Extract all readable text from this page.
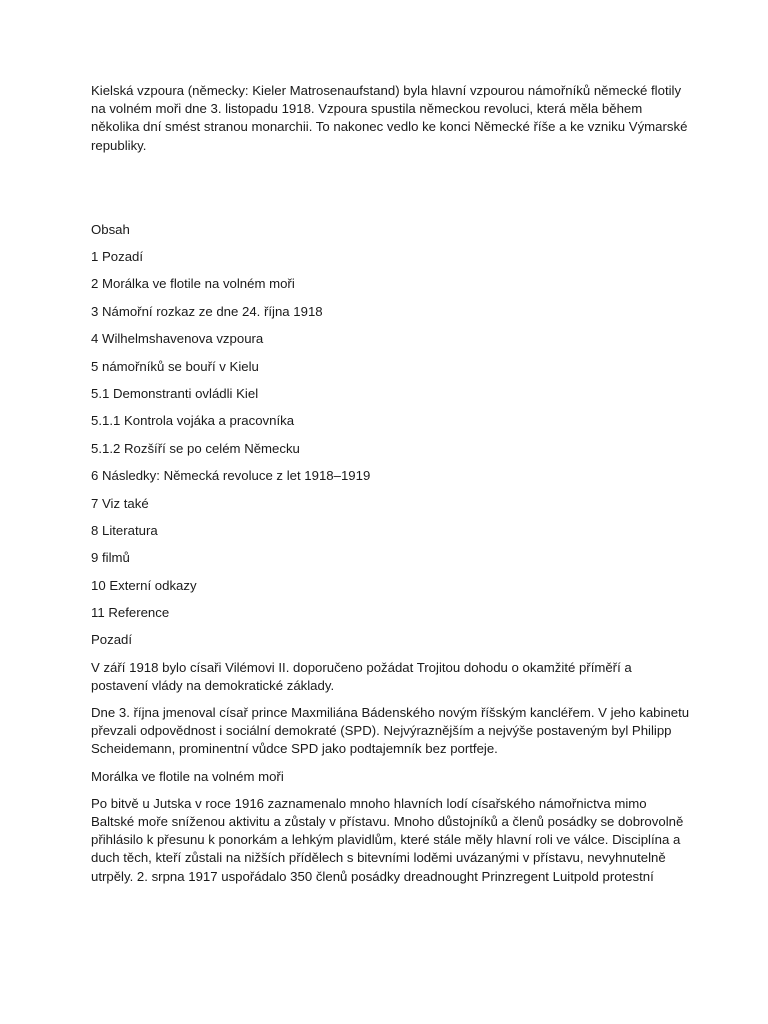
Kielská vzpoura (německy: Kieler Matrosenaufstand) byla hlavní vzpourou námořníků německé flotily na volném moři dne 3. listopadu 1918. Vzpoura spustila německou revoluci, která měla během několika dní smést stranou monarchii. To nakonec vedlo ke konci Německé říše a ke vzniku Výmarské republiky.

Obsah

1 Pozadí
2 Morálka ve flotile na volném moři
3 Námořní rozkaz ze dne 24. října 1918
4 Wilhelmshavenova vzpoura
5 námořníků se bouří v Kielu
5.1 Demonstranti ovládli Kiel
5.1.1 Kontrola vojáka a pracovníka
5.1.2 Rozšíří se po celém Německu
6 Následky: Německá revoluce z let 1918–1919
7 Viz také
8 Literatura
9 filmů
10 Externí odkazy
11 Reference

Pozadí

V září 1918 bylo císaři Vilémovi II. doporučeno požádat Trojitou dohodu o okamžité příměří a postavení vlády na demokratické základy.

Dne 3. října jmenoval císař prince Maxmiliána Bádenského novým říšským kancléřem. V jeho kabinetu převzali odpovědnost i sociální demokraté (SPD). Nejvýraznějším a nejvýše postaveným byl Philipp Scheidemann, prominentní vůdce SPD jako podtajemník bez portfeje.

Morálka ve flotile na volném moři

Po bitvě u Jutska v roce 1916 zaznamenalo mnoho hlavních lodí císařského námořnictva mimo Baltské moře sníženou aktivitu a zůstaly v přístavu. Mnoho důstojníků a členů posádky se dobrovolně přihlásilo k přesunu k ponorkám a lehkým plavidlům, které stále měly hlavní roli ve válce. Disciplína a duch těch, kteří zůstali na nižších přídělech s bitevními loděmi uvázanými v přístavu, nevyhnutelně utrpěly. 2. srpna 1917 uspořádalo 350 členů posádky dreadnought Prinzregent Luitpold protestní
